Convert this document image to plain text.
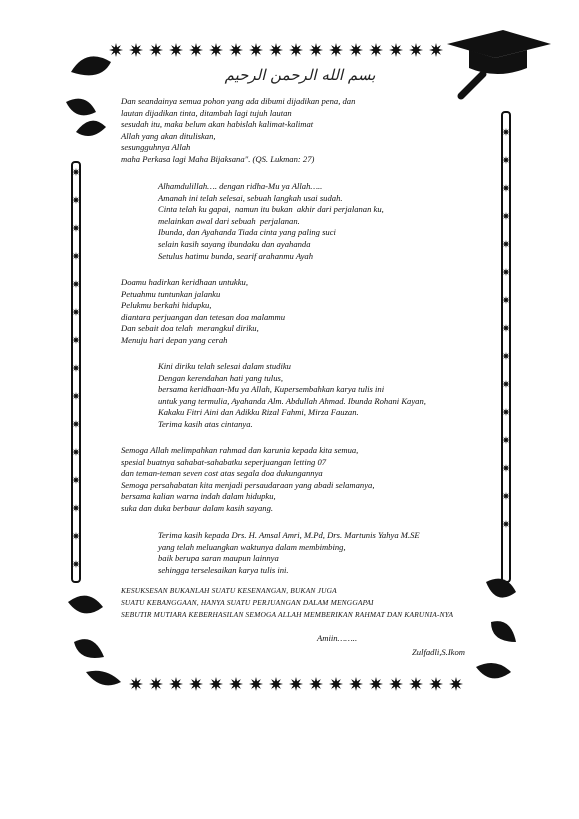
بسم الله الرحمن الرحيم
Dan seandainya semua pohon yang ada dibumi dijadikan pena, dan
lautan dijadikan tinta, ditambah lagi tujuh lautan
sesudah itu, maka belum akan habislah kalimat-kalimat
Allah yang akan dituliskan,
sesungguhnya Allah
maha Perkasa lagi Maha Bijaksana". (QS. Lukman: 27)
Alhamdulillah…. dengan ridha-Mu ya Allah…..
Amanah ini telah selesai, sebuah langkah usai sudah.
Cinta telah ku gapai,  namun itu bukan  akhir dari perjalanan ku,
melainkan awal dari sebuah  perjalanan.
Ibunda, dan Ayahanda Tiada cinta yang paling suci
selain kasih sayang ibundaku dan ayahanda
Setulus hatimu bunda, searif arahanmu Ayah
Doamu hadirkan keridhaan untukku,
Petuahmu tuntunkan jalanku
Pelukmu berkahi hidupku,
diantara perjuangan dan tetesan doa malammu
Dan sebait doa telah  merangkul diriku,
Menuju hari depan yang cerah
Kini diriku telah selesai dalam studiku
Dengan kerendahan hati yang tulus,
bersama keridhaan-Mu ya Allah, Kupersembahkan karya tulis ini
untuk yang termulia, Ayahanda Alm. Abdullah Ahmad. Ibunda Rohani Kayan,
Kakaku Fitri Aini dan Adikku Rizal Fahmi, Mirza Fauzan.
Terima kasih atas cintanya.
Semoga Allah melimpahkan rahmad dan karunia kepada kita semua,
spesial buatnya sahabat-sahabatku seperjuangan letting 07
dan teman-teman seven cost atas segala doa dukungannya
Semoga persahabatan kita menjadi persaudaraan yang abadi selamanya,
bersama kalian warna indah dalam hidupku,
suka dan duka berbaur dalam kasih sayang.
Terima kasih kepada Drs. H. Amsal Amri, M.Pd, Drs. Martunis Yahya M.SE
yang telah meluangkan waktunya dalam membimbing,
baik berupa saran maupun lainnya
sehingga terselesaikan karya tulis ini.
KESUKSESAN BUKANLAH SUATU KESENANGAN, BUKAN JUGA
SUATU KEBANGGAAN, HANYA SUATU PERJUANGAN DALAM MENGGAPAI
SEBUTIR MUTIARA KEBERHASILAN SEMOGA ALLAH MEMBERIKAN RAHMAT DAN KARUNIA-NYA
Amiin……..
Zulfadli,S.Ikom
